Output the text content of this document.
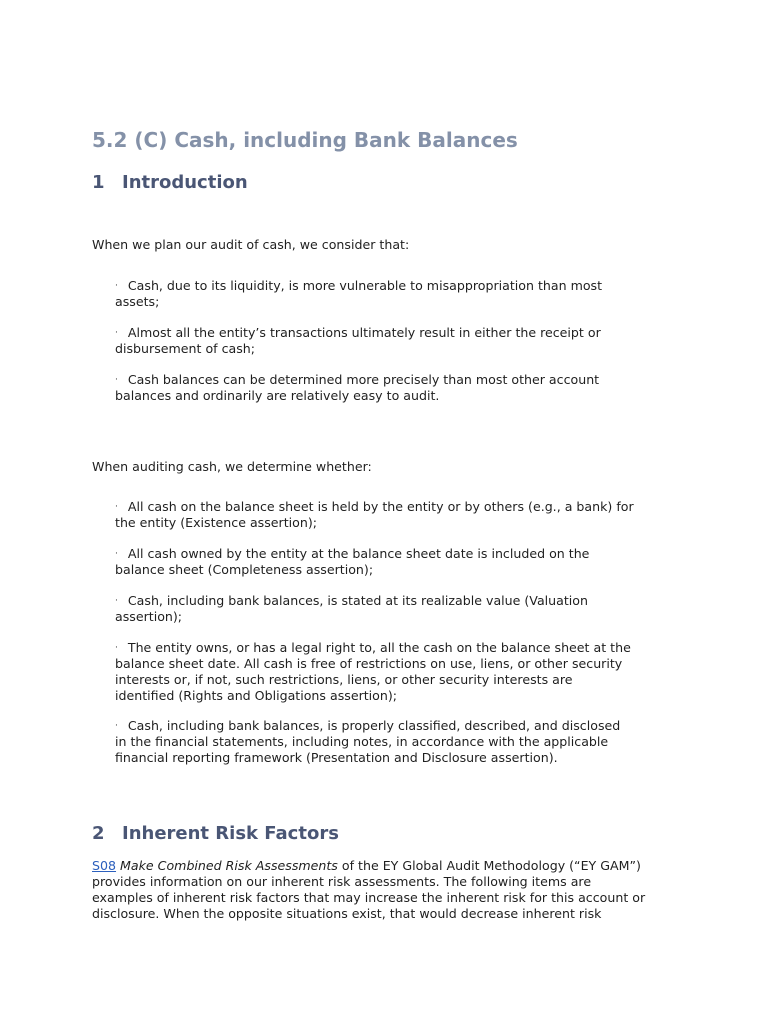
5.2 (C) Cash, including Bank Balances
1 Introduction

When we plan our audit of cash, we consider that:

· Cash, due to its liquidity, is more vulnerable to misappropriation than most assets;

· Almost all the entity’s transactions ultimately result in either the receipt or disbursement of cash;

· Cash balances can be determined more precisely than most other account balances and ordinarily are relatively easy to audit.

When auditing cash, we determine whether:

· All cash on the balance sheet is held by the entity or by others (e.g., a bank) for the entity (Existence assertion);

· All cash owned by the entity at the balance sheet date is included on the balance sheet (Completeness assertion);

· Cash, including bank balances, is stated at its realizable value (Valuation assertion);

· The entity owns, or has a legal right to, all the cash on the balance sheet at the balance sheet date. All cash is free of restrictions on use, liens, or other security interests or, if not, such restrictions, liens, or other security interests are identified (Rights and Obligations assertion);

· Cash, including bank balances, is properly classified, described, and disclosed in the financial statements, including notes, in accordance with the applicable financial reporting framework (Presentation and Disclosure assertion).

2 Inherent Risk Factors

S08 Make Combined Risk Assessments of the EY Global Audit Methodology (“EY GAM”) provides information on our inherent risk assessments. The following items are examples of inherent risk factors that may increase the inherent risk for this account or disclosure. When the opposite situations exist, that would decrease inherent risk
